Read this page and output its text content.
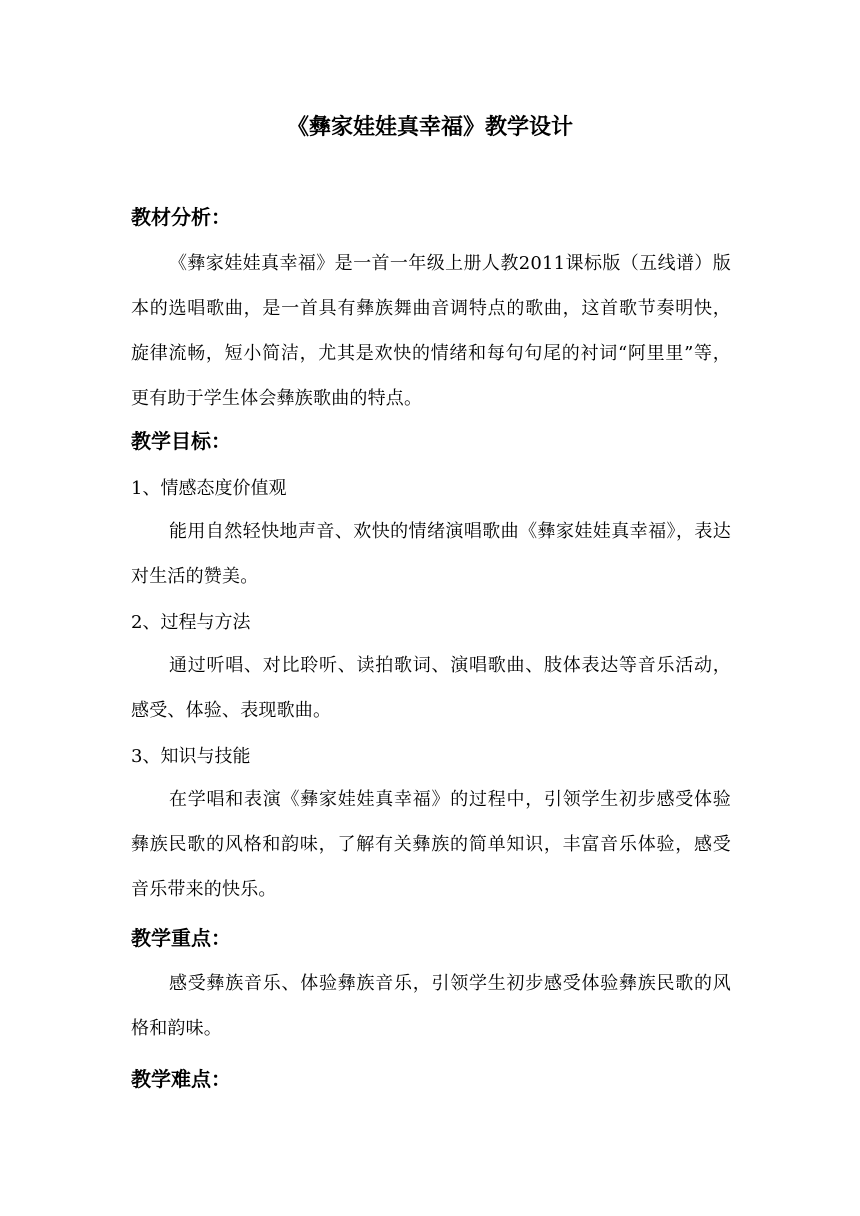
《彝家娃娃真幸福》教学设计
教材分析：
《彝家娃娃真幸福》是一首一年级上册人教2011课标版（五线谱）版本的选唱歌曲，是一首具有彝族舞曲音调特点的歌曲，这首歌节奏明快，旋律流畅，短小简洁，尤其是欢快的情绪和每句句尾的衬词“阿里里”等，更有助于学生体会彝族歌曲的特点。
教学目标：
1、情感态度价值观
能用自然轻快地声音、欢快的情绪演唱歌曲《彝家娃娃真幸福》，表达对生活的赞美。
2、过程与方法
通过听唱、对比聆听、读拍歌词、演唱歌曲、肢体表达等音乐活动，感受、体验、表现歌曲。
3、知识与技能
在学唱和表演《彝家娃娃真幸福》的过程中，引领学生初步感受体验彝族民歌的风格和韵味，了解有关彝族的简单知识，丰富音乐体验，感受音乐带来的快乐。
教学重点：
感受彝族音乐、体验彝族音乐，引领学生初步感受体验彝族民歌的风格和韵味。
教学难点：
